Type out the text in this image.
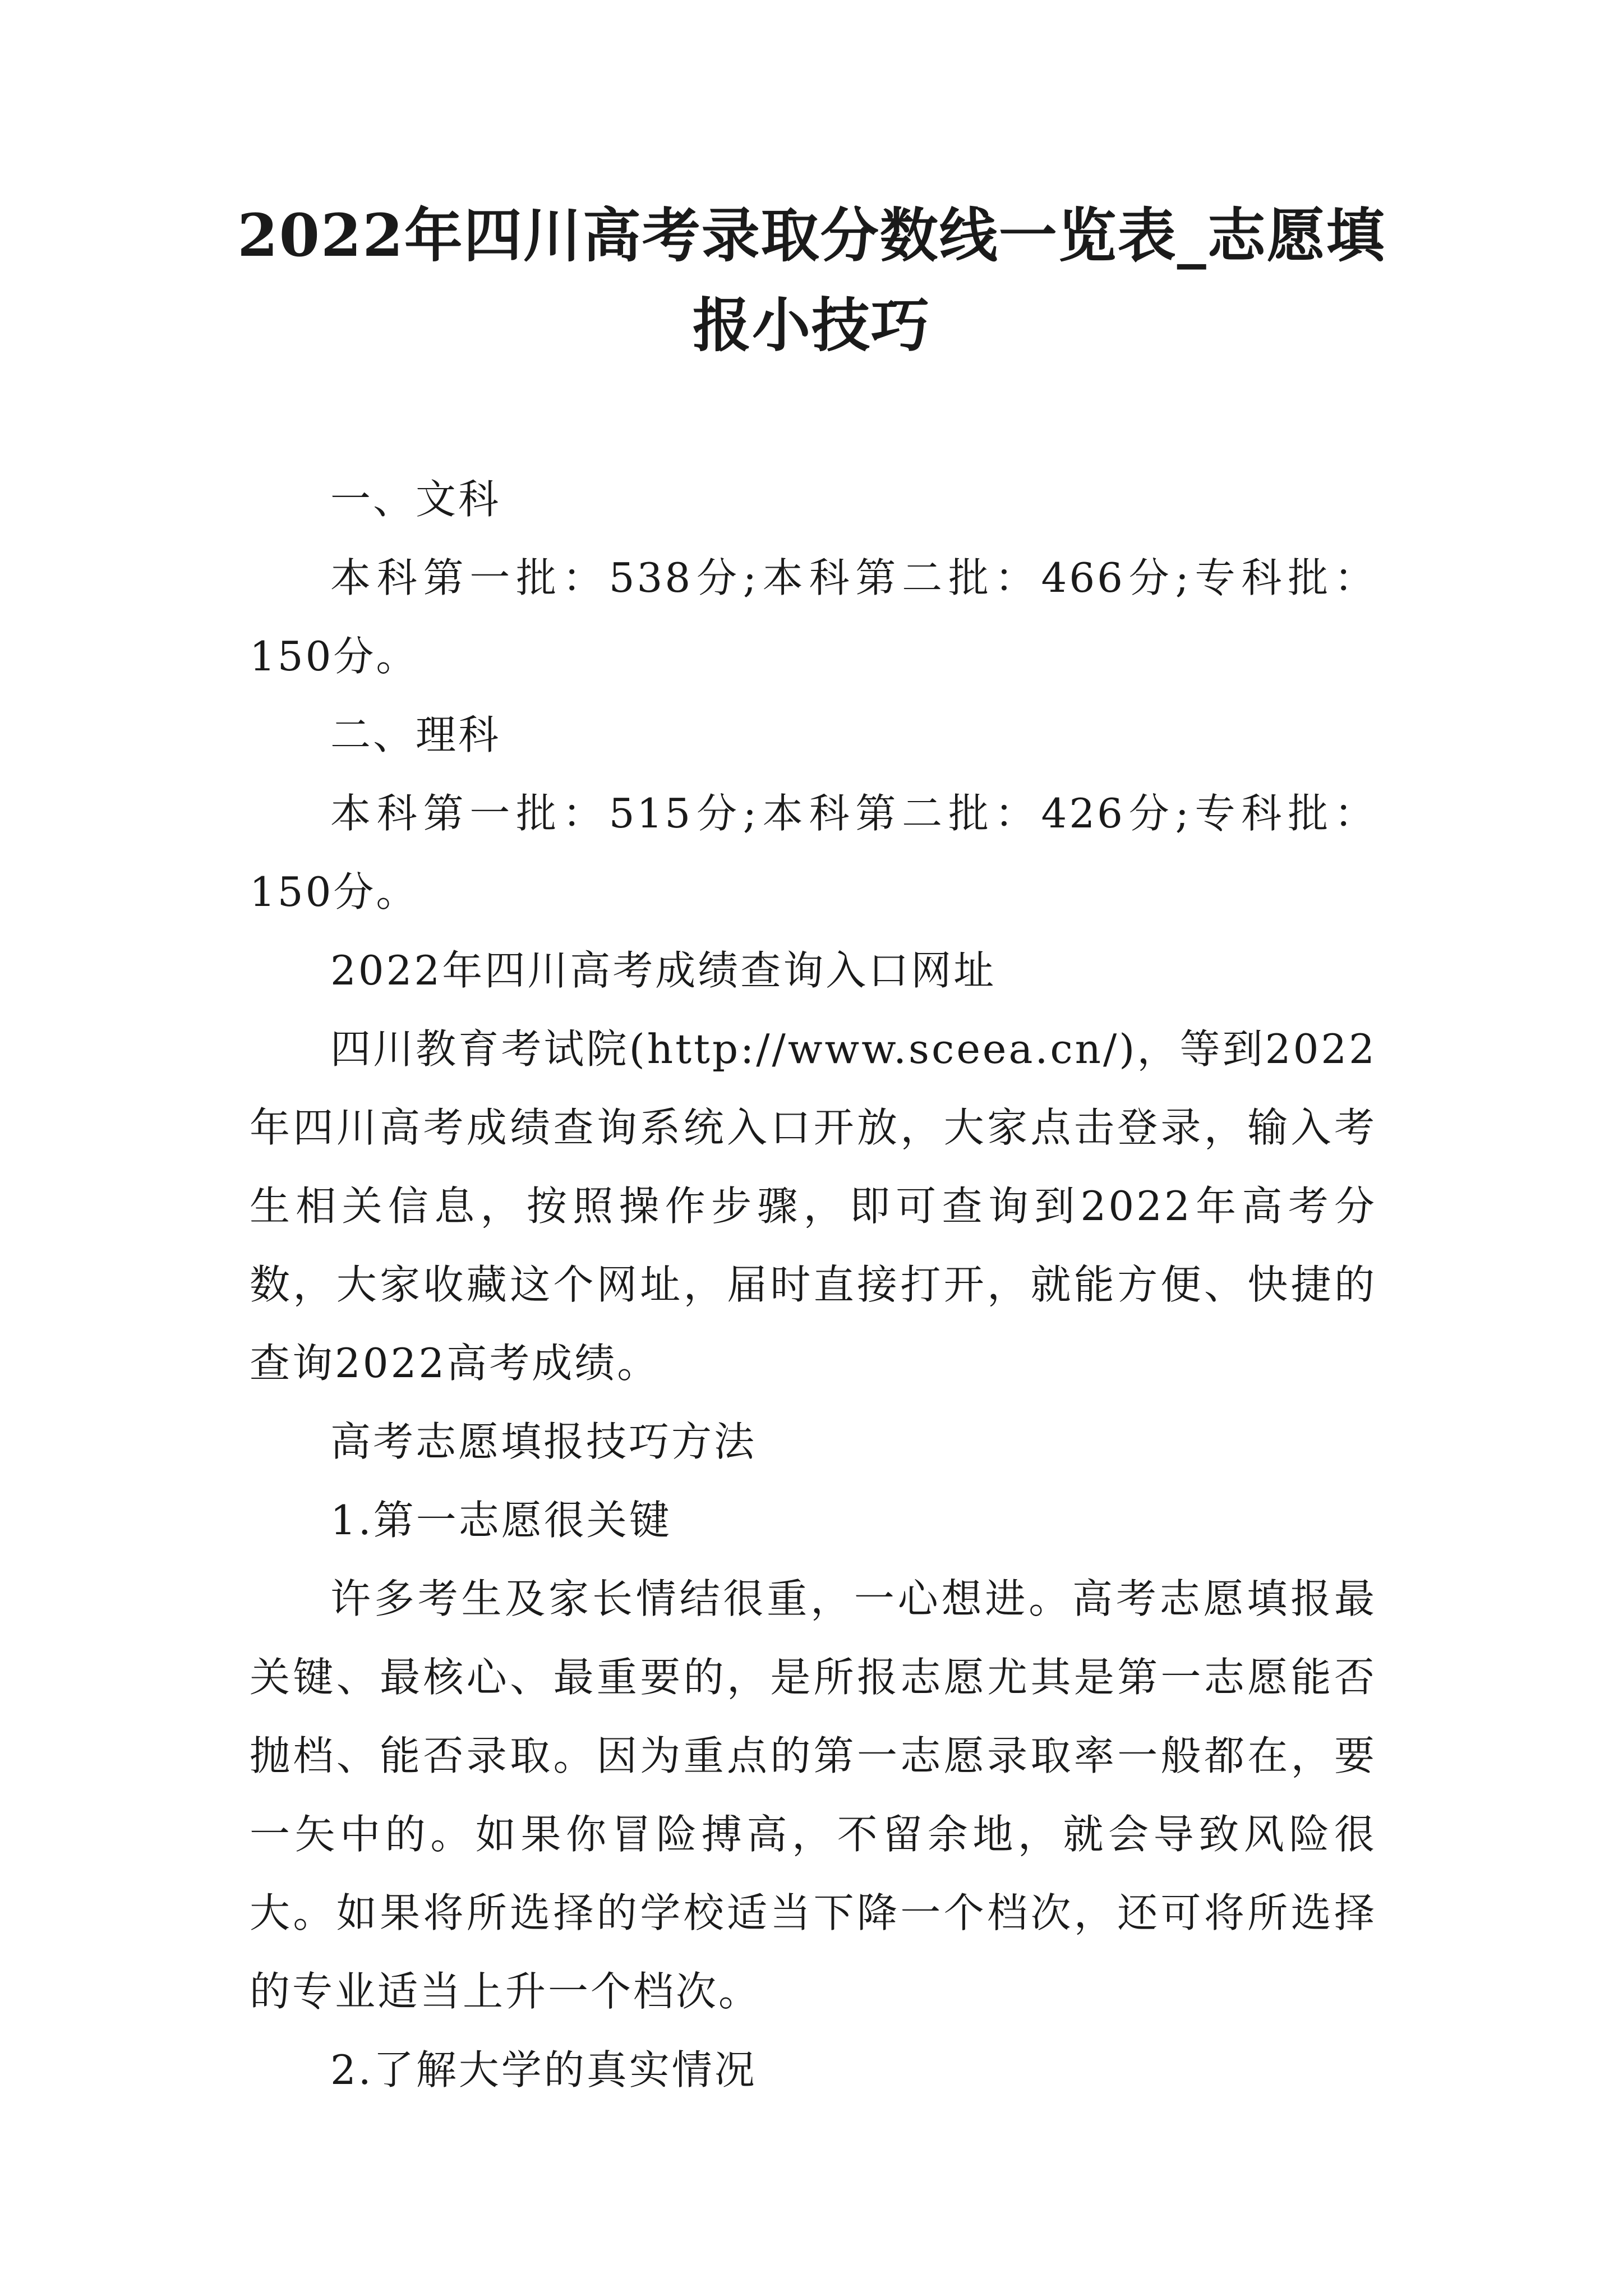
2022年四川高考录取分数线一览表_志愿填报小技巧

一、文科

本科第一批：538分;本科第二批：466分;专科批：150分。

二、理科

本科第一批：515分;本科第二批：426分;专科批：150分。

2022年四川高考成绩查询入口网址

四川教育考试院(http://www.sceea.cn/)，等到2022年四川高考成绩查询系统入口开放，大家点击登录，输入考生相关信息，按照操作步骤，即可查询到2022年高考分数，大家收藏这个网址，届时直接打开，就能方便、快捷的查询2022高考成绩。

高考志愿填报技巧方法

1.第一志愿很关键

许多考生及家长情结很重，一心想进。高考志愿填报最关键、最核心、最重要的，是所报志愿尤其是第一志愿能否抛档、能否录取。因为重点的第一志愿录取率一般都在，要一矢中的。如果你冒险搏高，不留余地，就会导致风险很大。如果将所选择的学校适当下降一个档次，还可将所选择的专业适当上升一个档次。

2.了解大学的真实情况
